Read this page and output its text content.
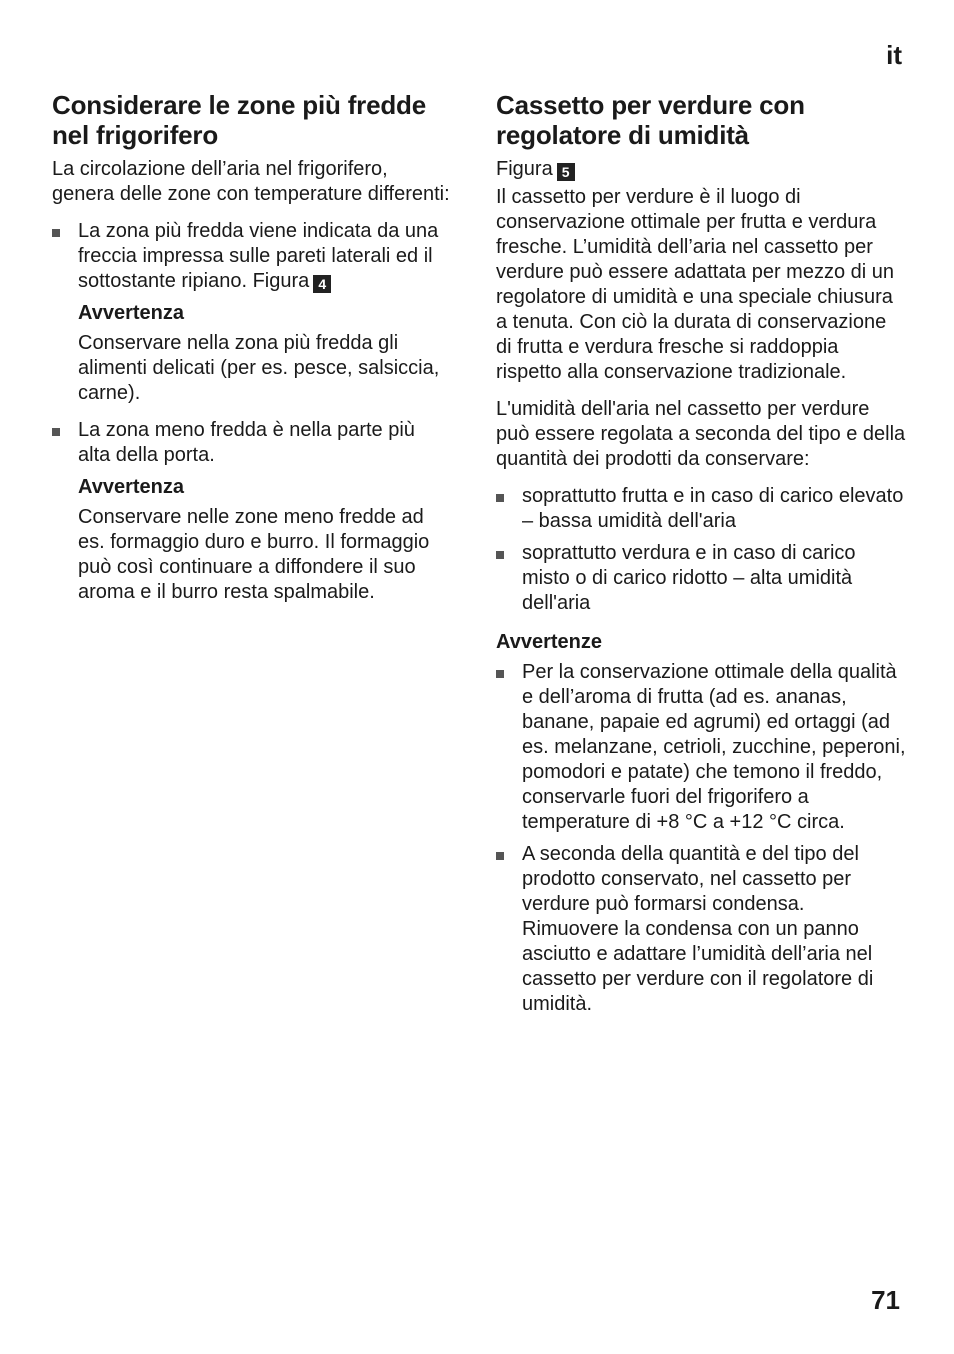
it
Considerare le zone più fredde nel frigorifero

La circolazione dell’aria nel frigorifero, genera delle zone con temperature differenti:

La zona più fredda viene indicata da una freccia impressa sulle pareti laterali ed il sottostante ripiano. Figura 4
Avvertenza

Conservare nella zona più fredda gli alimenti delicati (per es. pesce, salsiccia, carne).

La zona meno fredda è nella parte più alta della porta.
Avvertenza

Conservare nelle zone meno fredde ad es. formaggio duro e burro. Il formaggio può così continuare a diffondere il suo aroma e il burro resta spalmabile.

Cassetto per verdure con regolatore di umidità

Figura 5

Il cassetto per verdure è il luogo di conservazione ottimale per frutta e verdura fresche. L’umidità dell’aria nel cassetto per verdure può essere adattata per mezzo di un regolatore di umidità e una speciale chiusura a tenuta. Con ciò la durata di conservazione di frutta e verdura fresche si raddoppia rispetto alla conservazione tradizionale.

L'umidità dell'aria nel cassetto per verdure può essere regolata a seconda del tipo e della quantità dei prodotti da conservare:

soprattutto frutta e in caso di carico elevato – bassa umidità dell'aria
soprattutto verdura e in caso di carico misto o di carico ridotto – alta umidità dell'aria
Avvertenze
Per la conservazione ottimale della qualità e dell’aroma di frutta (ad es. ananas, banane, papaie ed agrumi) ed ortaggi (ad es. melanzane, cetrioli, zucchine, peperoni, pomodori e patate) che temono il freddo, conservarle fuori del frigorifero a temperature di +8 °C a +12 °C circa.
A seconda della quantità e del tipo del prodotto conservato, nel cassetto per verdure può formarsi condensa. Rimuovere la condensa con un panno asciutto e adattare l’umidità dell’aria nel cassetto per verdure con il regolatore di umidità.
71
